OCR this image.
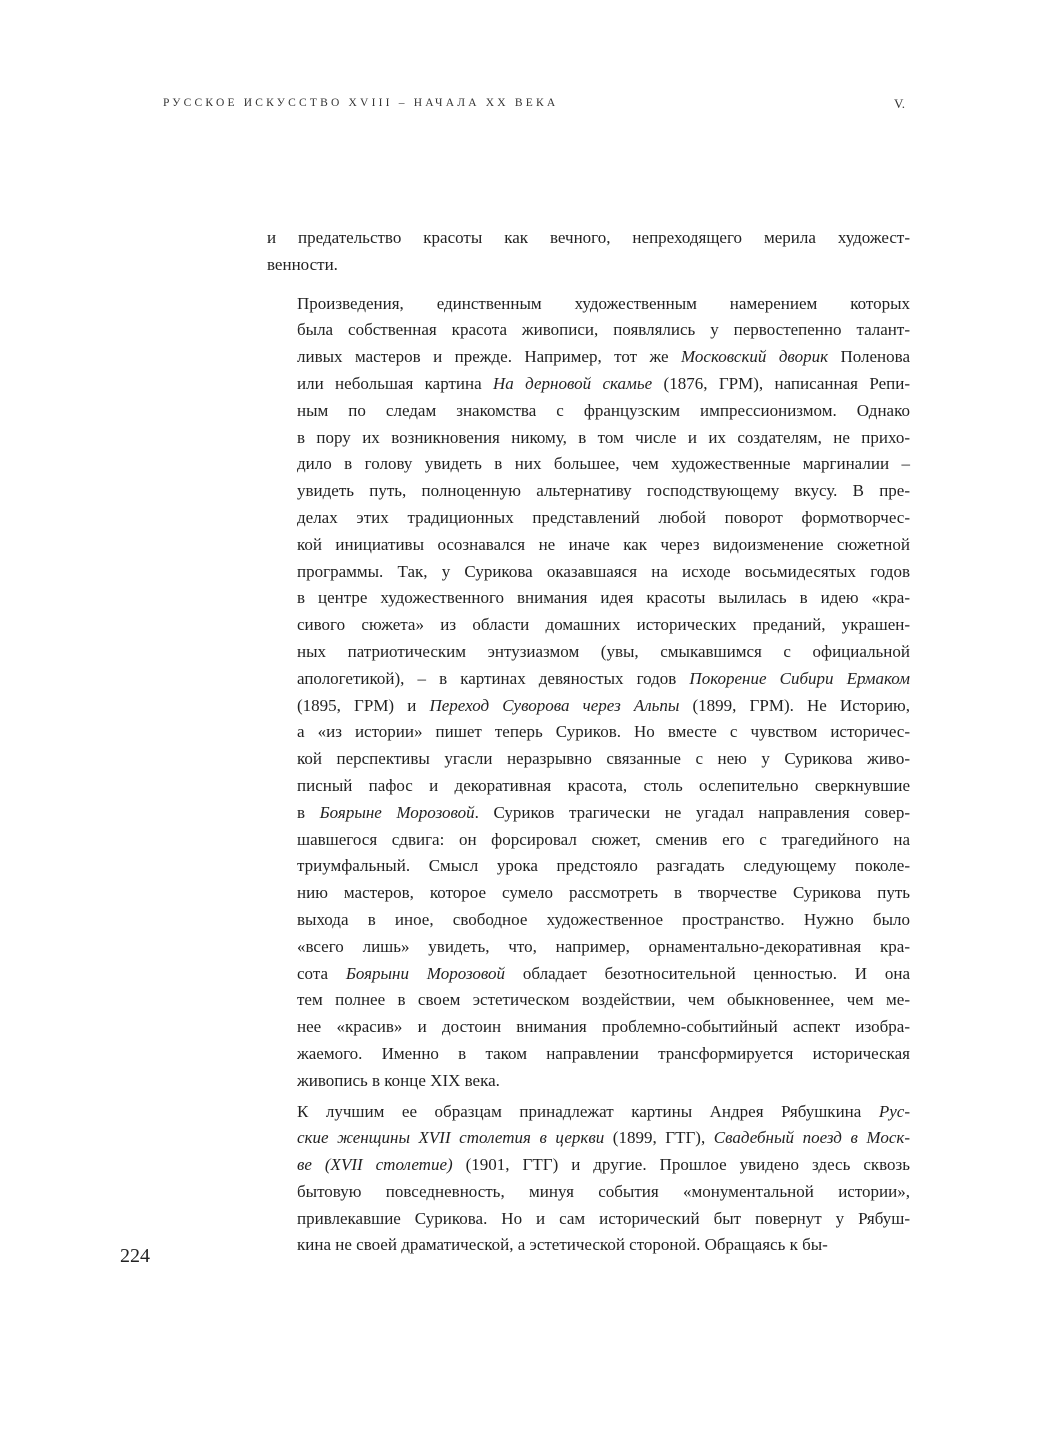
РУССКОЕ ИСКУССТВО XVIII – НАЧАЛА XX ВЕКА	V.

и предательство красоты как вечного, непреходящего мерила художест-
венности.

Произведения, единственным художественным намерением которых
была собственная красота живописи, появлялись у первостепенно талант-
ливых мастеров и прежде. Например, тот же Московский дворик Поленова
или небольшая картина На дерновой скамье (1876, ГРМ), написанная Репи-
ным по следам знакомства с французским импрессионизмом. Однако
в пору их возникновения никому, в том числе и их создателям, не прихо-
дило в голову увидеть в них большее, чем художественные маргиналии –
увидеть путь, полноценную альтернативу господствующему вкусу. В пре-
делах этих традиционных представлений любой поворот формотворчес-
кой инициативы осознавался не иначе как через видоизменение сюжетной
программы. Так, у Сурикова оказавшаяся на исходе восьмидесятых годов
в центре художественного внимания идея красоты вылилась в идею «кра-
сивого сюжета» из области домашних исторических преданий, украшен-
ных патриотическим энтузиазмом (увы, смыкавшимся с официальной
апологетикой), – в картинах девяностых годов Покорение Сибири Ермаком
(1895, ГРМ) и Переход Суворова через Альпы (1899, ГРМ). Не Историю,
а «из истории» пишет теперь Суриков. Но вместе с чувством историчес-
кой перспективы угасли неразрывно связанные с нею у Сурикова живо-
писный пафос и декоративная красота, столь ослепительно сверкнувшие
в Боярыне Морозовой. Суриков трагически не угадал направления совер-
шавшегося сдвига: он форсировал сюжет, сменив его с трагедийного на
триумфальный. Смысл урока предстояло разгадать следующему поколе-
нию мастеров, которое сумело рассмотреть в творчестве Сурикова путь
выхода в иное, свободное художественное пространство. Нужно было
«всего лишь» увидеть, что, например, орнаментально-декоративная кра-
сота Боярыни Морозовой обладает безотносительной ценностью. И она
тем полнее в своем эстетическом воздействии, чем обыкновеннее, чем ме-
нее «красив» и достоин внимания проблемно-событийный аспект изобра-
жаемого. Именно в таком направлении трансформируется историческая
живопись в конце XIX века.

К лучшим ее образцам принадлежат картины Андрея Рябушкина Рус-
ские женщины XVII столетия в церкви (1899, ГТГ), Свадебный поезд в Моск-
ве (XVII столетие) (1901, ГТГ) и другие. Прошлое увидено здесь сквозь
бытовую повседневность, минуя события «монументальной истории»,
привлекавшие Сурикова. Но и сам исторический быт повернут у Рябуш-
кина не своей драматической, а эстетической стороной. Обращаясь к бы-

224
